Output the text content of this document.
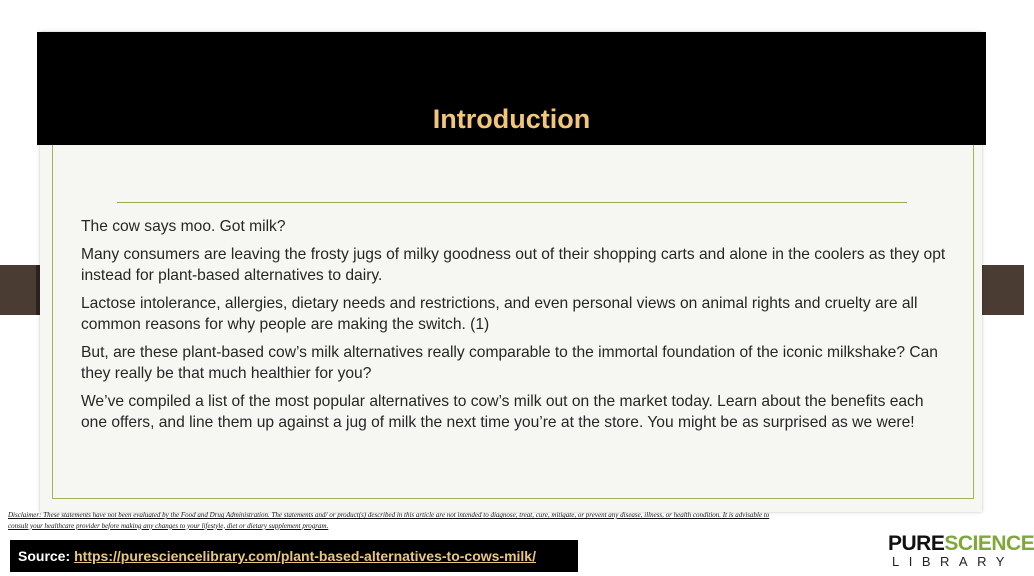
Introduction

The cow says moo. Got milk?

Many consumers are leaving the frosty jugs of milky goodness out of their shopping carts and alone in the coolers as they opt instead for plant-based alternatives to dairy.

Lactose intolerance, allergies, dietary needs and restrictions, and even personal views on animal rights and cruelty are all common reasons for why people are making the switch. (1)

But, are these plant-based cow’s milk alternatives really comparable to the immortal foundation of the iconic milkshake? Can they really be that much healthier for you?

We’ve compiled a list of the most popular alternatives to cow’s milk out on the market today. Learn about the benefits each one offers, and line them up against a jug of milk the next time you’re at the store. You might be as surprised as we were!

Disclaimer: These statements have not been evaluated by the Food and Drug Administration. The statements and/ or product(s) described in this article are not intended to diagnose, treat, cure, mitigate, or prevent any disease, illness, or health condition. It is advisable to consult your healthcare provider before making any changes to your lifestyle, diet or dietary supplement program.
Source: https://puresciencelibrary.com/plant-based-alternatives-to-cows-milk/
PURESCIENCE
LIBRARY
